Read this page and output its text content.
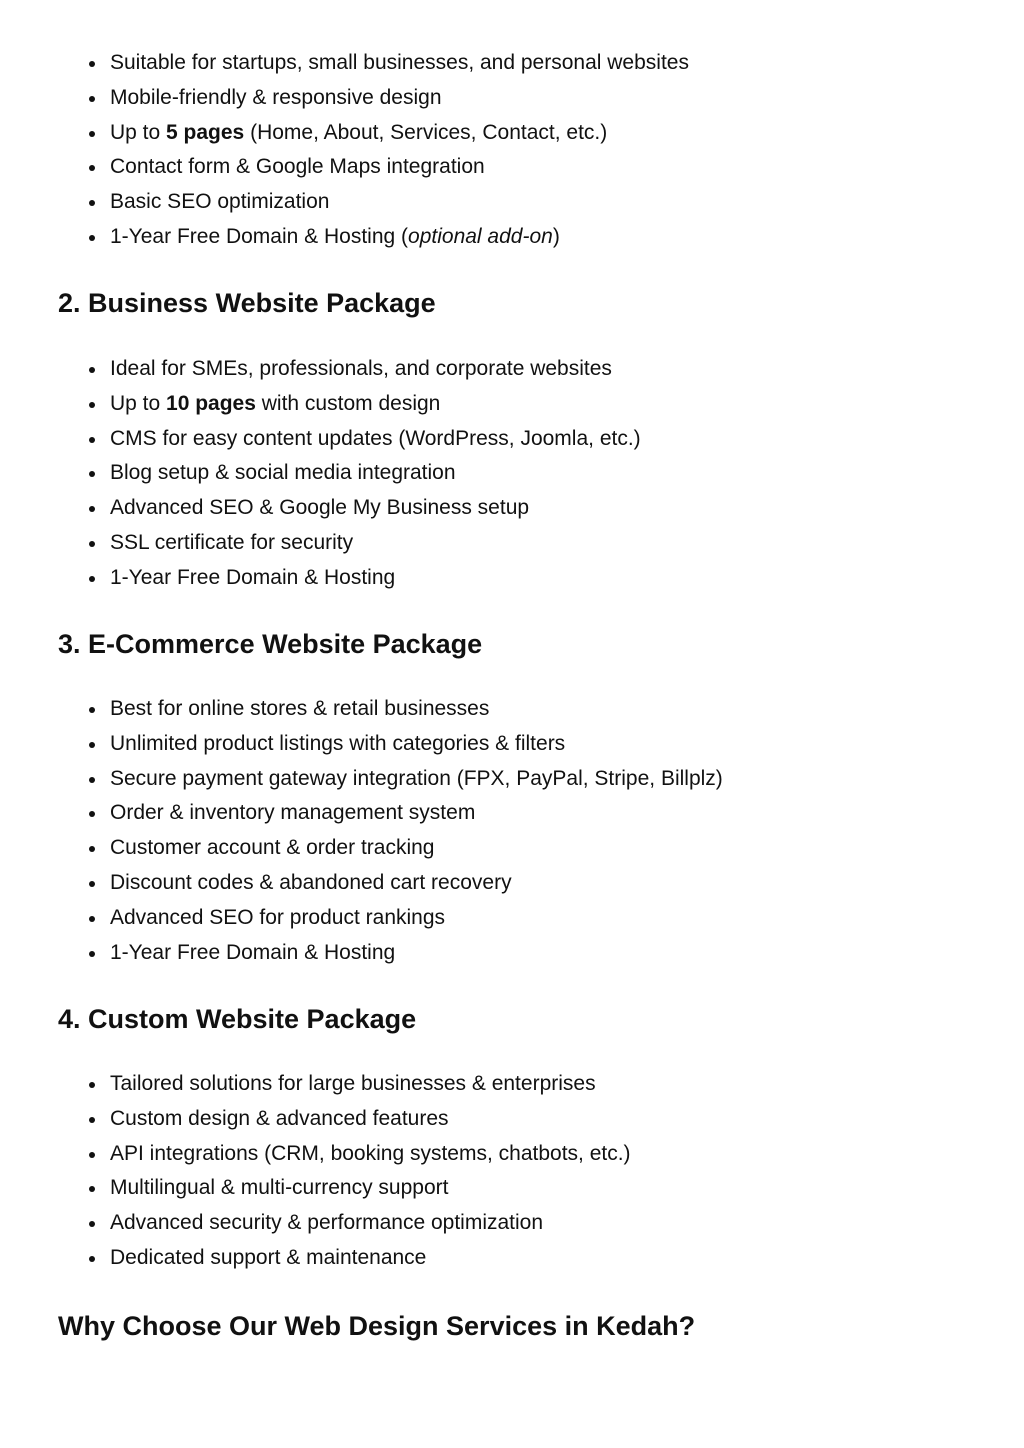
Suitable for startups, small businesses, and personal websites
Mobile-friendly & responsive design
Up to 5 pages (Home, About, Services, Contact, etc.)
Contact form & Google Maps integration
Basic SEO optimization
1-Year Free Domain & Hosting (optional add-on)
2. Business Website Package
Ideal for SMEs, professionals, and corporate websites
Up to 10 pages with custom design
CMS for easy content updates (WordPress, Joomla, etc.)
Blog setup & social media integration
Advanced SEO & Google My Business setup
SSL certificate for security
1-Year Free Domain & Hosting
3. E-Commerce Website Package
Best for online stores & retail businesses
Unlimited product listings with categories & filters
Secure payment gateway integration (FPX, PayPal, Stripe, Billplz)
Order & inventory management system
Customer account & order tracking
Discount codes & abandoned cart recovery
Advanced SEO for product rankings
1-Year Free Domain & Hosting
4. Custom Website Package
Tailored solutions for large businesses & enterprises
Custom design & advanced features
API integrations (CRM, booking systems, chatbots, etc.)
Multilingual & multi-currency support
Advanced security & performance optimization
Dedicated support & maintenance
Why Choose Our Web Design Services in Kedah?
